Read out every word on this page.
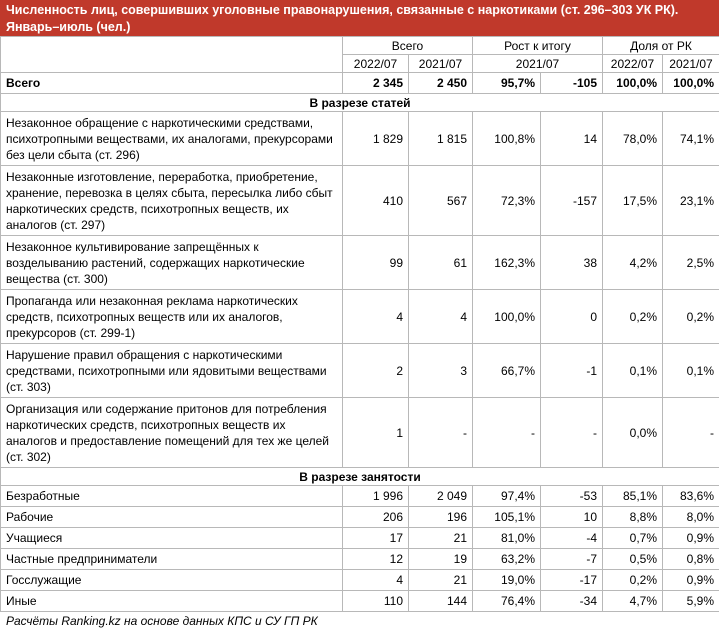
Численность лиц, совершивших уголовные правонарушения, связанные с наркотиками (ст. 296–303 УК РК).
Январь–июль (чел.)
	Всего		Рост к итогу		Доля от РК	
	2022/07	2021/07	2021/07		2022/07	2021/07
Всего	2 345	2 450	95,7%	-105	100,0%	100,0%
В разрезе статей						
Незаконное обращение с наркотическими средствами, психотропными веществами, их аналогами, прекурсорами без цели сбыта (ст. 296)	1 829	1 815	100,8%	14	78,0%	74,1%
Незаконные изготовление, переработка, приобретение, хранение, перевозка в целях сбыта, пересылка либо сбыт наркотических средств, психотропных веществ, их аналогов (ст. 297)	410	567	72,3%	-157	17,5%	23,1%
Незаконное культивирование запрещённых к возделыванию растений, содержащих наркотические вещества (ст. 300)	99	61	162,3%	38	4,2%	2,5%
Пропаганда или незаконная реклама наркотических средств, психотропных веществ или их аналогов, прекурсоров (ст. 299-1)	4	4	100,0%	0	0,2%	0,2%
Нарушение правил обращения с наркотическими средствами, психотропными или ядовитыми веществами (ст. 303)	2	3	66,7%	-1	0,1%	0,1%
Организация или содержание притонов для потребления наркотических средств, психотропных веществ их аналогов и предоставление помещений для тех же целей (ст. 302)	1	-	-	-	0,0%	-
В разрезе занятости						
Безработные	1 996	2 049	97,4%	-53	85,1%	83,6%
Рабочие	206	196	105,1%	10	8,8%	8,0%
Учащиеся	17	21	81,0%	-4	0,7%	0,9%
Частные предприниматели	12	19	63,2%	-7	0,5%	0,8%
Госслужащие	4	21	19,0%	-17	0,2%	0,9%
Иные	110	144	76,4%	-34	4,7%	5,9%
Расчёты Ranking.kz на основе данных КПС и СУ ГП РК
